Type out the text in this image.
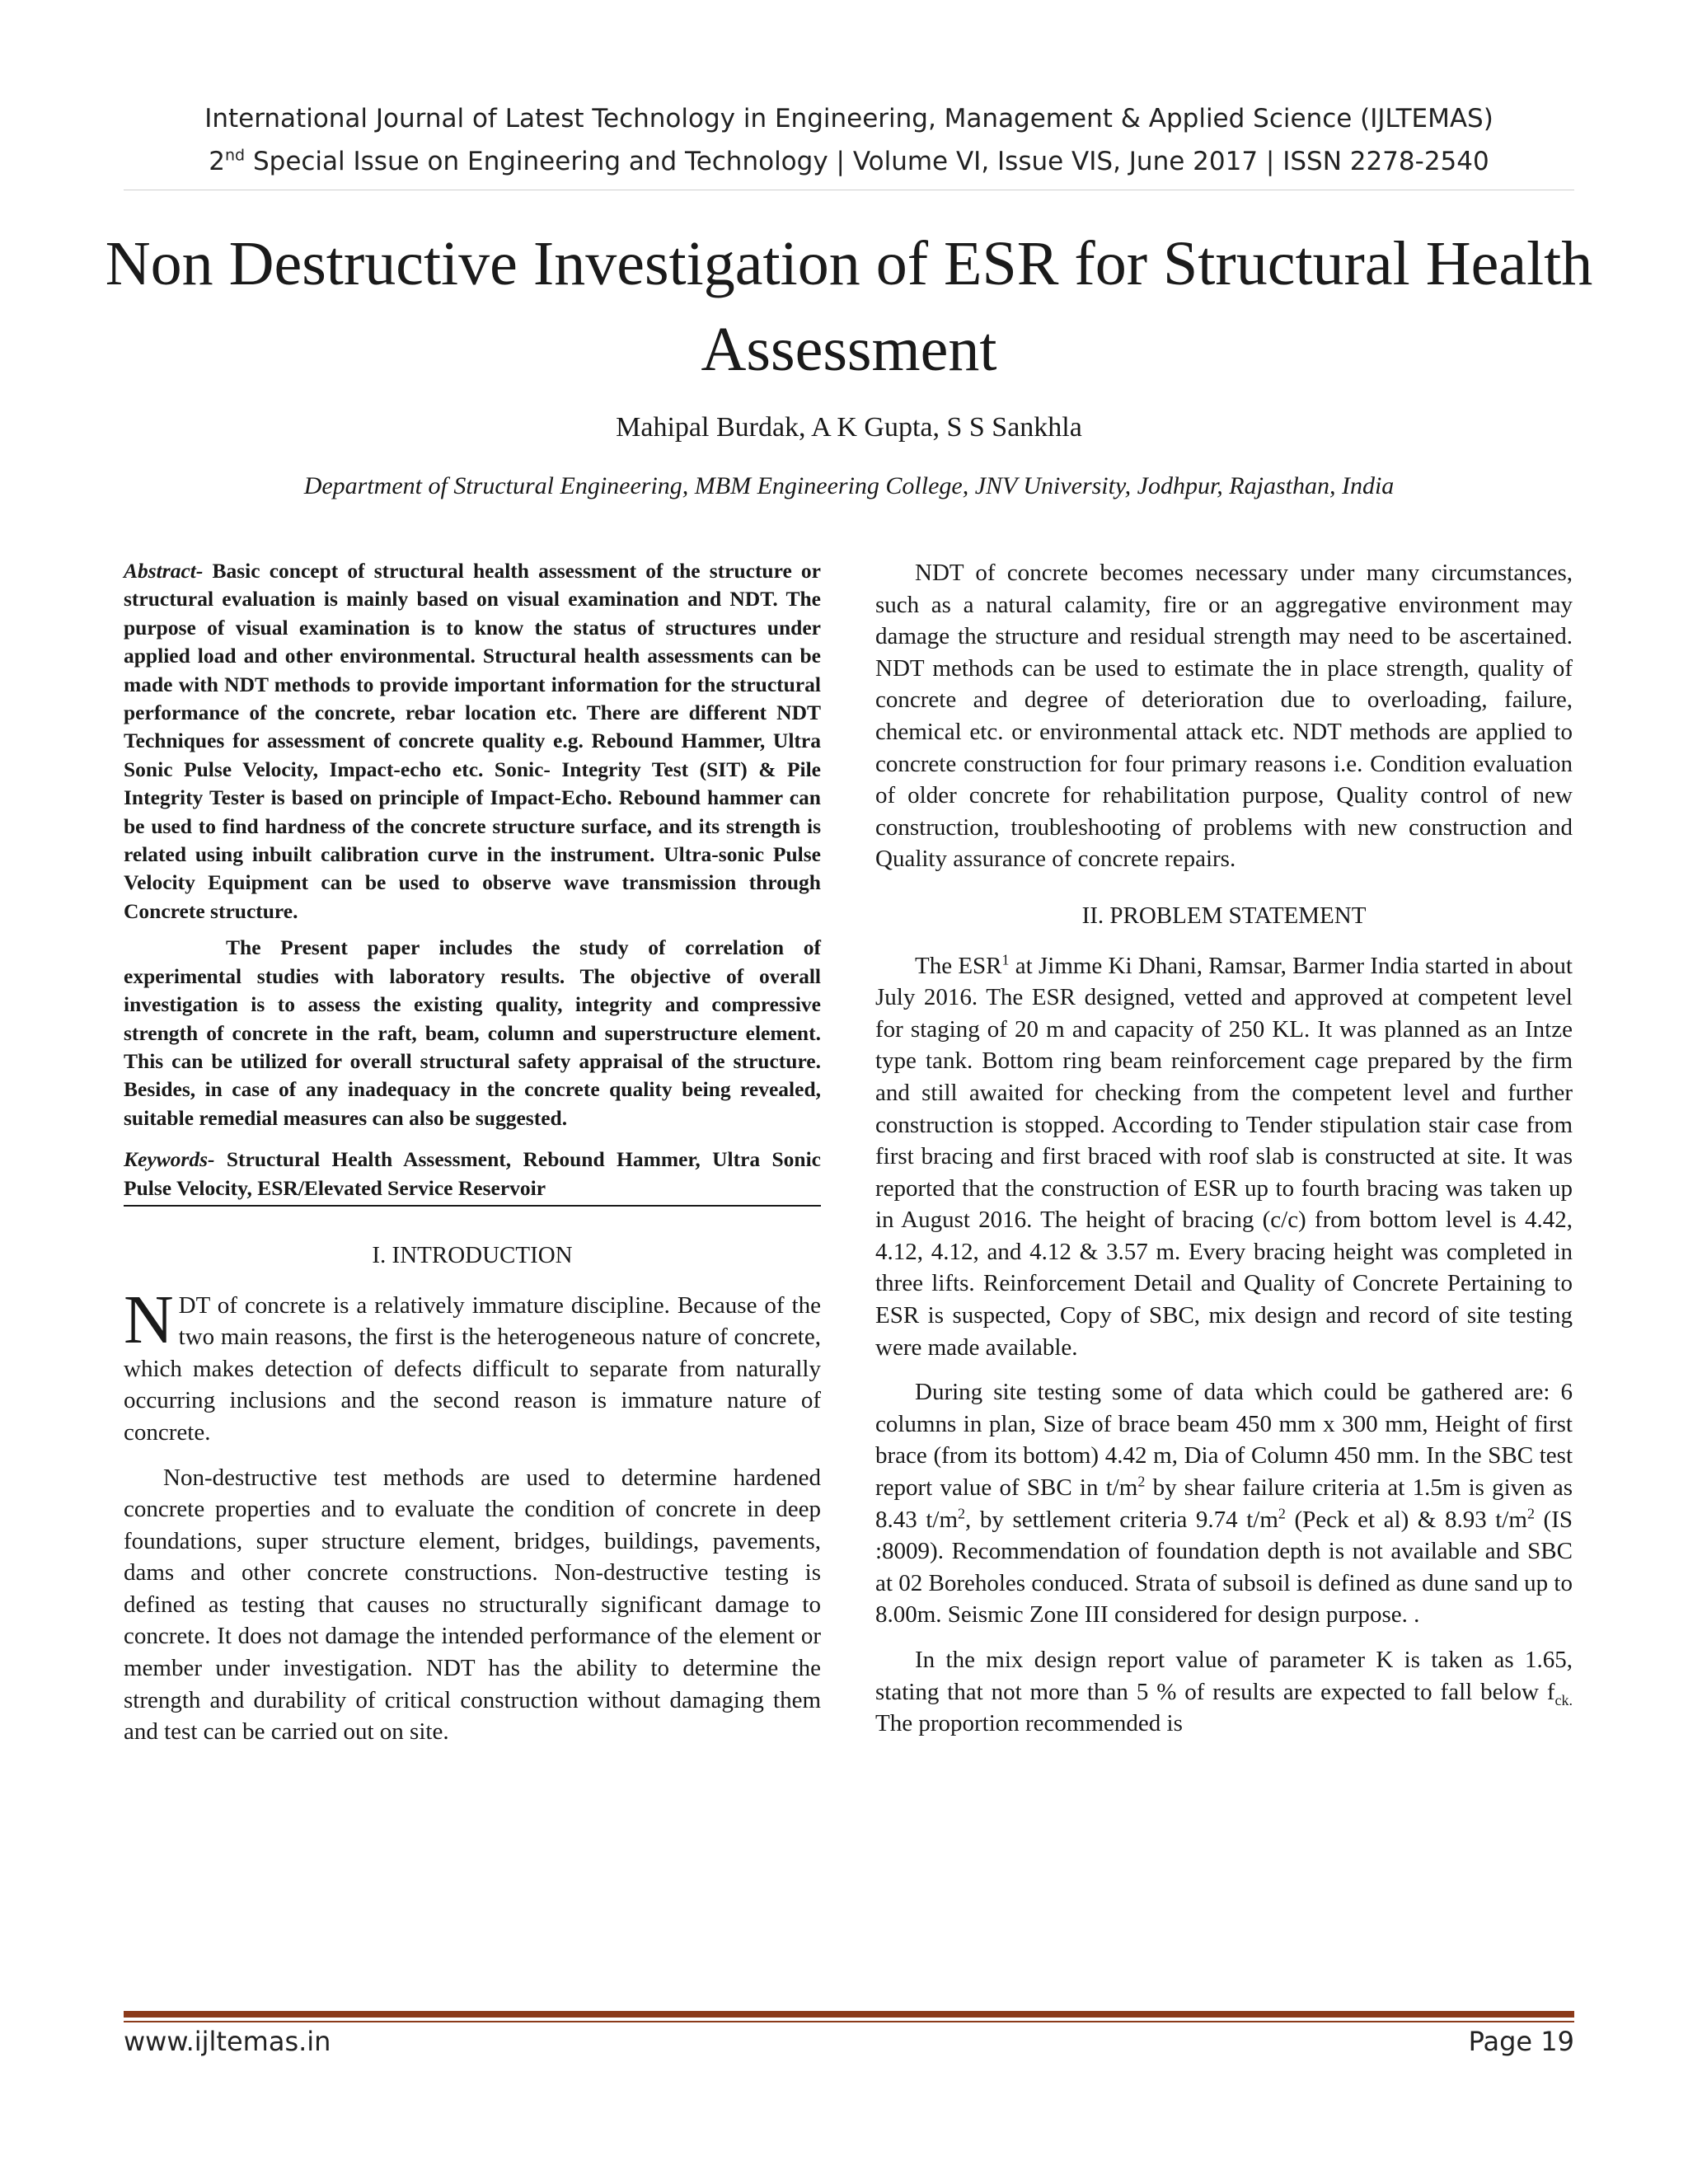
International Journal of Latest Technology in Engineering, Management & Applied Science (IJLTEMAS)
2nd Special Issue on Engineering and Technology | Volume VI, Issue VIS, June 2017 | ISSN 2278-2540
Non Destructive Investigation of ESR for Structural Health Assessment
Mahipal Burdak, A K Gupta, S S Sankhla
Department of Structural Engineering, MBM Engineering College, JNV University, Jodhpur, Rajasthan, India

Abstract- Basic concept of structural health assessment of the structure or structural evaluation is mainly based on visual examination and NDT. The purpose of visual examination is to know the status of structures under applied load and other environmental. Structural health assessments can be made with NDT methods to provide important information for the structural performance of the concrete, rebar location etc. There are different NDT Techniques for assessment of concrete quality e.g. Rebound Hammer, Ultra Sonic Pulse Velocity, Impact-echo etc. Sonic- Integrity Test (SIT) & Pile Integrity Tester is based on principle of Impact-Echo. Rebound hammer can be used to find hardness of the concrete structure surface, and its strength is related using inbuilt calibration curve in the instrument. Ultra-sonic Pulse Velocity Equipment can be used to observe wave transmission through Concrete structure.

The Present paper includes the study of correlation of experimental studies with laboratory results. The objective of overall investigation is to assess the existing quality, integrity and compressive strength of concrete in the raft, beam, column and superstructure element. This can be utilized for overall structural safety appraisal of the structure. Besides, in case of any inadequacy in the concrete quality being revealed, suitable remedial measures can also be suggested.

Keywords- Structural Health Assessment, Rebound Hammer, Ultra Sonic Pulse Velocity, ESR/Elevated Service Reservoir

I. INTRODUCTION

NDT of concrete is a relatively immature discipline. Because of the two main reasons, the first is the heterogeneous nature of concrete, which makes detection of defects difficult to separate from naturally occurring inclusions and the second reason is immature nature of concrete.

Non-destructive test methods are used to determine hardened concrete properties and to evaluate the condition of concrete in deep foundations, super structure element, bridges, buildings, pavements, dams and other concrete constructions. Non-destructive testing is defined as testing that causes no structurally significant damage to concrete. It does not damage the intended performance of the element or member under investigation. NDT has the ability to determine the strength and durability of critical construction without damaging them and test can be carried out on site.

NDT of concrete becomes necessary under many circumstances, such as a natural calamity, fire or an aggregative environment may damage the structure and residual strength may need to be ascertained. NDT methods can be used to estimate the in place strength, quality of concrete and degree of deterioration due to overloading, failure, chemical etc. or environmental attack etc. NDT methods are applied to concrete construction for four primary reasons i.e. Condition evaluation of older concrete for rehabilitation purpose, Quality control of new construction, troubleshooting of problems with new construction and Quality assurance of concrete repairs.

II. PROBLEM STATEMENT

The ESR$^1$ at Jimme Ki Dhani, Ramsar, Barmer India started in about July 2016. The ESR designed, vetted and approved at competent level for staging of 20 m and capacity of 250 KL. It was planned as an Intze type tank. Bottom ring beam reinforcement cage prepared by the firm and still awaited for checking from the competent level and further construction is stopped. According to Tender stipulation stair case from first bracing and first braced with roof slab is constructed at site. It was reported that the construction of ESR up to fourth bracing was taken up in August 2016. The height of bracing (c/c) from bottom level is 4.42, 4.12, 4.12, and 4.12 & 3.57 m. Every bracing height was completed in three lifts. Reinforcement Detail and Quality of Concrete Pertaining to ESR is suspected, Copy of SBC, mix design and record of site testing were made available.

During site testing some of data which could be gathered are: 6 columns in plan, Size of brace beam 450 mm x 300 mm, Height of first brace (from its bottom) 4.42 m, Dia of Column 450 mm. In the SBC test report value of SBC in $t/m^2$ by shear failure criteria at 1.5m is given as 8.43 $t/m^2$, by settlement criteria 9.74 $t/m^2$ (Peck et al) & 8.93 $t/m^2$ (IS :8009). Recommendation of foundation depth is not available and SBC at 02 Boreholes conduced. Strata of subsoil is defined as dune sand up to 8.00m. Seismic Zone III considered for design purpose. .

In the mix design report value of parameter K is taken as 1.65, stating that not more than 5 % of results are expected to fall below $f_{ck.}$ The proportion recommended is

www.ijltemas.in	Page 19
